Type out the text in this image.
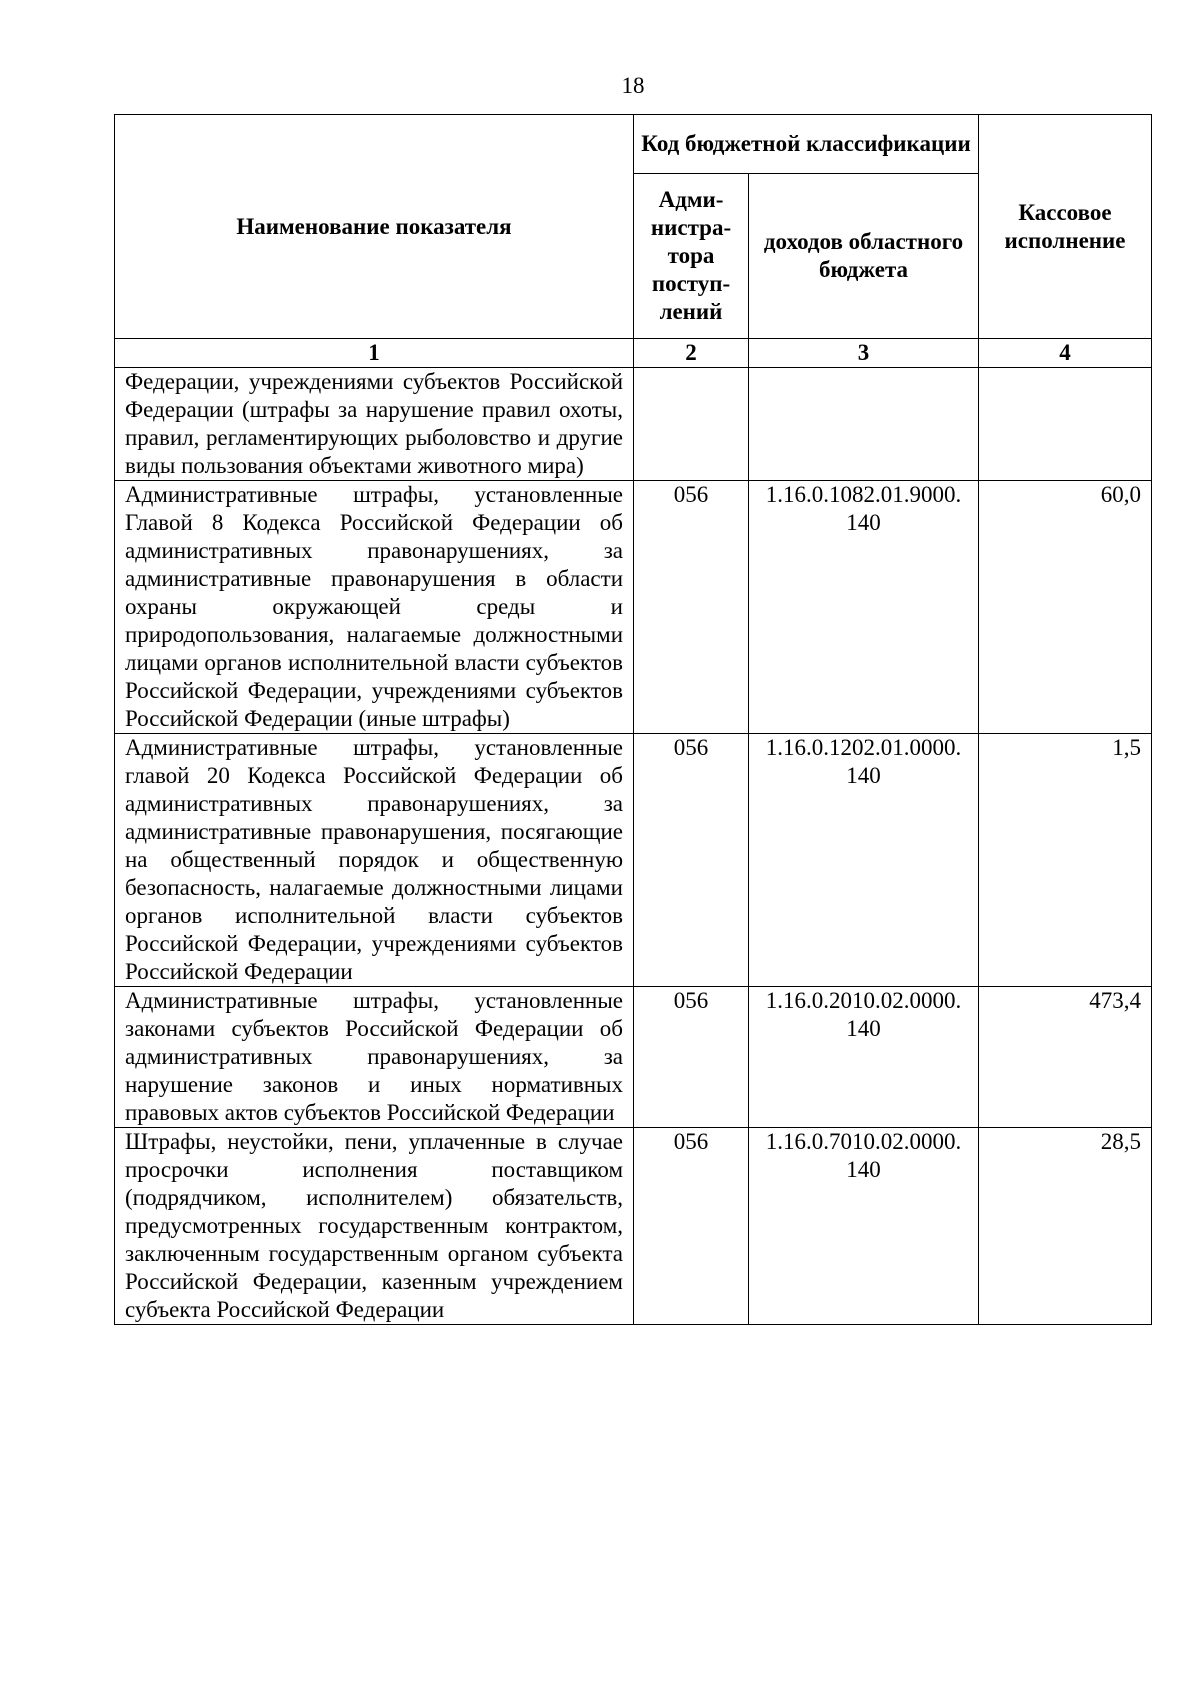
18
Наименование показателя	Код бюджетной классификации		Кассовое исполнение
	Адми-нистра-тора поступ-лений	доходов областного бюджета	
1	2	3	4
Федерации, учреждениями субъектов Российской Федерации (штрафы за нарушение правил охоты, правил, регламентирующих рыболовство и другие виды пользования объектами животного мира)			
Административные штрафы, установленные Главой 8 Кодекса Российской Федерации об административных правонарушениях, за административные правонарушения в области охраны окружающей среды и природопользования, налагаемые должностными лицами органов исполнительной власти субъектов Российской Федерации, учреждениями субъектов Российской Федерации (иные штрафы)	056	1.16.0.1082.01.9000. 140	60,0
Административные штрафы, установленные главой 20 Кодекса Российской Федерации об административных правонарушениях, за административные правонарушения, посягающие на общественный порядок и общественную безопасность, налагаемые должностными лицами органов исполнительной власти субъектов Российской Федерации, учреждениями субъектов Российской Федерации	056	1.16.0.1202.01.0000. 140	1,5
Административные штрафы, установленные законами субъектов Российской Федерации об административных правонарушениях, за нарушение законов и иных нормативных правовых актов субъектов Российской Федерации	056	1.16.0.2010.02.0000. 140	473,4
Штрафы, неустойки, пени, уплаченные в случае просрочки исполнения поставщиком (подрядчиком, исполнителем) обязательств, предусмотренных государственным контрактом, заключенным государственным органом субъекта Российской Федерации, казенным учреждением субъекта Российской Федерации	056	1.16.0.7010.02.0000. 140	28,5
